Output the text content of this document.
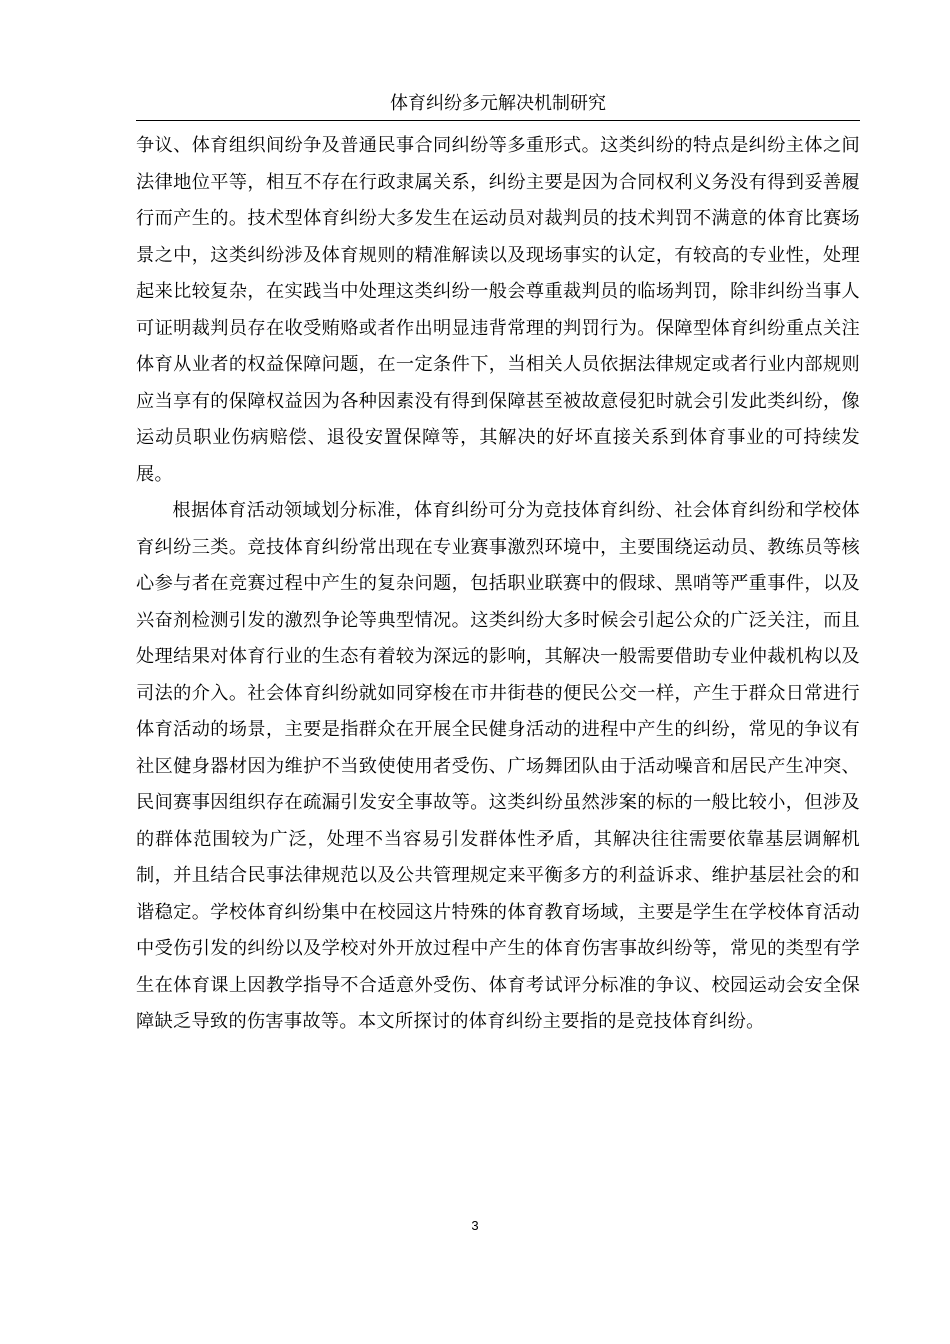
体育纠纷多元解决机制研究

争议、体育组织间纷争及普通民事合同纠纷等多重形式。这类纠纷的特点是纠纷主体之间法律地位平等，相互不存在行政隶属关系，纠纷主要是因为合同权利义务没有得到妥善履行而产生的。技术型体育纠纷大多发生在运动员对裁判员的技术判罚不满意的体育比赛场景之中，这类纠纷涉及体育规则的精准解读以及现场事实的认定，有较高的专业性，处理起来比较复杂，在实践当中处理这类纠纷一般会尊重裁判员的临场判罚，除非纠纷当事人可证明裁判员存在收受贿赂或者作出明显违背常理的判罚行为。保障型体育纠纷重点关注体育从业者的权益保障问题，在一定条件下，当相关人员依据法律规定或者行业内部规则应当享有的保障权益因为各种因素没有得到保障甚至被故意侵犯时就会引发此类纠纷，像运动员职业伤病赔偿、退役安置保障等，其解决的好坏直接关系到体育事业的可持续发展。

根据体育活动领域划分标准，体育纠纷可分为竞技体育纠纷、社会体育纠纷和学校体育纠纷三类。竞技体育纠纷常出现在专业赛事激烈环境中，主要围绕运动员、教练员等核心参与者在竞赛过程中产生的复杂问题，包括职业联赛中的假球、黑哨等严重事件，以及兴奋剂检测引发的激烈争论等典型情况。这类纠纷大多时候会引起公众的广泛关注，而且处理结果对体育行业的生态有着较为深远的影响，其解决一般需要借助专业仲裁机构以及司法的介入。社会体育纠纷就如同穿梭在市井街巷的便民公交一样，产生于群众日常进行体育活动的场景，主要是指群众在开展全民健身活动的进程中产生的纠纷，常见的争议有社区健身器材因为维护不当致使使用者受伤、广场舞团队由于活动噪音和居民产生冲突、民间赛事因组织存在疏漏引发安全事故等。这类纠纷虽然涉案的标的一般比较小，但涉及的群体范围较为广泛，处理不当容易引发群体性矛盾，其解决往往需要依靠基层调解机制，并且结合民事法律规范以及公共管理规定来平衡多方的利益诉求、维护基层社会的和谐稳定。学校体育纠纷集中在校园这片特殊的体育教育场域，主要是学生在学校体育活动中受伤引发的纠纷以及学校对外开放过程中产生的体育伤害事故纠纷等，常见的类型有学生在体育课上因教学指导不合适意外受伤、体育考试评分标准的争议、校园运动会安全保障缺乏导致的伤害事故等。本文所探讨的体育纠纷主要指的是竞技体育纠纷。

3
